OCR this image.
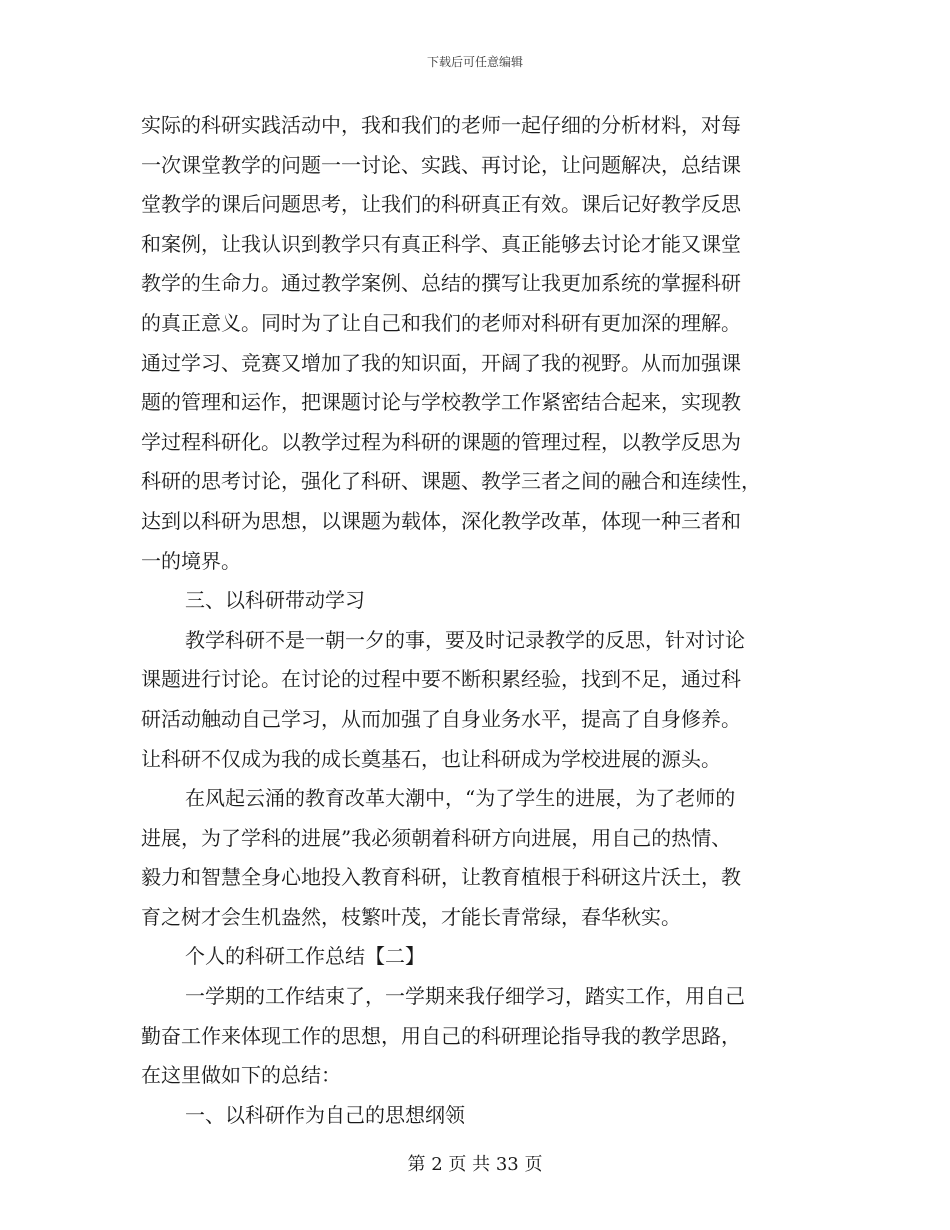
下载后可任意编辑
实际的科研实践活动中，我和我们的老师一起仔细的分析材料，对每
一次课堂教学的问题一一讨论、实践、再讨论，让问题解决，总结课
堂教学的课后问题思考，让我们的科研真正有效。课后记好教学反思
和案例，让我认识到教学只有真正科学、真正能够去讨论才能又课堂
教学的生命力。通过教学案例、总结的撰写让我更加系统的掌握科研
的真正意义。同时为了让自己和我们的老师对科研有更加深的理解。
通过学习、竞赛又增加了我的知识面，开阔了我的视野。从而加强课
题的管理和运作，把课题讨论与学校教学工作紧密结合起来，实现教
学过程科研化。以教学过程为科研的课题的管理过程，以教学反思为
科研的思考讨论，强化了科研、课题、教学三者之间的融合和连续性，
达到以科研为思想，以课题为载体，深化教学改革，体现一种三者和
一的境界。
三、以科研带动学习
教学科研不是一朝一夕的事，要及时记录教学的反思，针对讨论
课题进行讨论。在讨论的过程中要不断积累经验，找到不足，通过科
研活动触动自己学习，从而加强了自身业务水平，提高了自身修养。
让科研不仅成为我的成长奠基石，也让科研成为学校进展的源头。
在风起云涌的教育改革大潮中，“为了学生的进展，为了老师的
进展，为了学科的进展”我必须朝着科研方向进展，用自己的热情、
毅力和智慧全身心地投入教育科研，让教育植根于科研这片沃土，教
育之树才会生机盎然，枝繁叶茂，才能长青常绿，春华秋实。
个人的科研工作总结【二】
一学期的工作结束了，一学期来我仔细学习，踏实工作，用自己
勤奋工作来体现工作的思想，用自己的科研理论指导我的教学思路，
在这里做如下的总结：
一、以科研作为自己的思想纲领
第 2 页 共 33 页
